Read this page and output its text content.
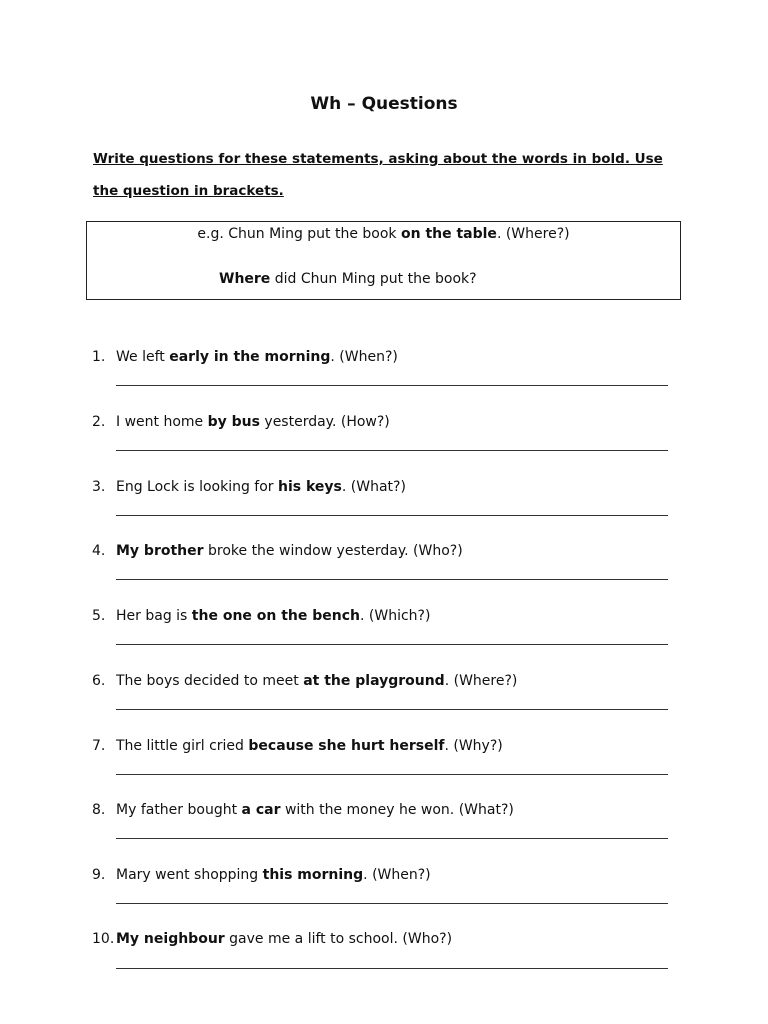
Wh – Questions
Write questions for these statements, asking about the words in bold. Use the question in brackets.
e.g. Chun Ming put the book on the table. (Where?)
Where did Chun Ming put the book?
1. We left early in the morning. (When?)
2. I went home by bus yesterday. (How?)
3. Eng Lock is looking for his keys. (What?)
4. My brother broke the window yesterday. (Who?)
5. Her bag is the one on the bench. (Which?)
6. The boys decided to meet at the playground. (Where?)
7. The little girl cried because she hurt herself. (Why?)
8. My father bought a car with the money he won. (What?)
9. Mary went shopping this morning. (When?)
10. My neighbour gave me a lift to school. (Who?)
